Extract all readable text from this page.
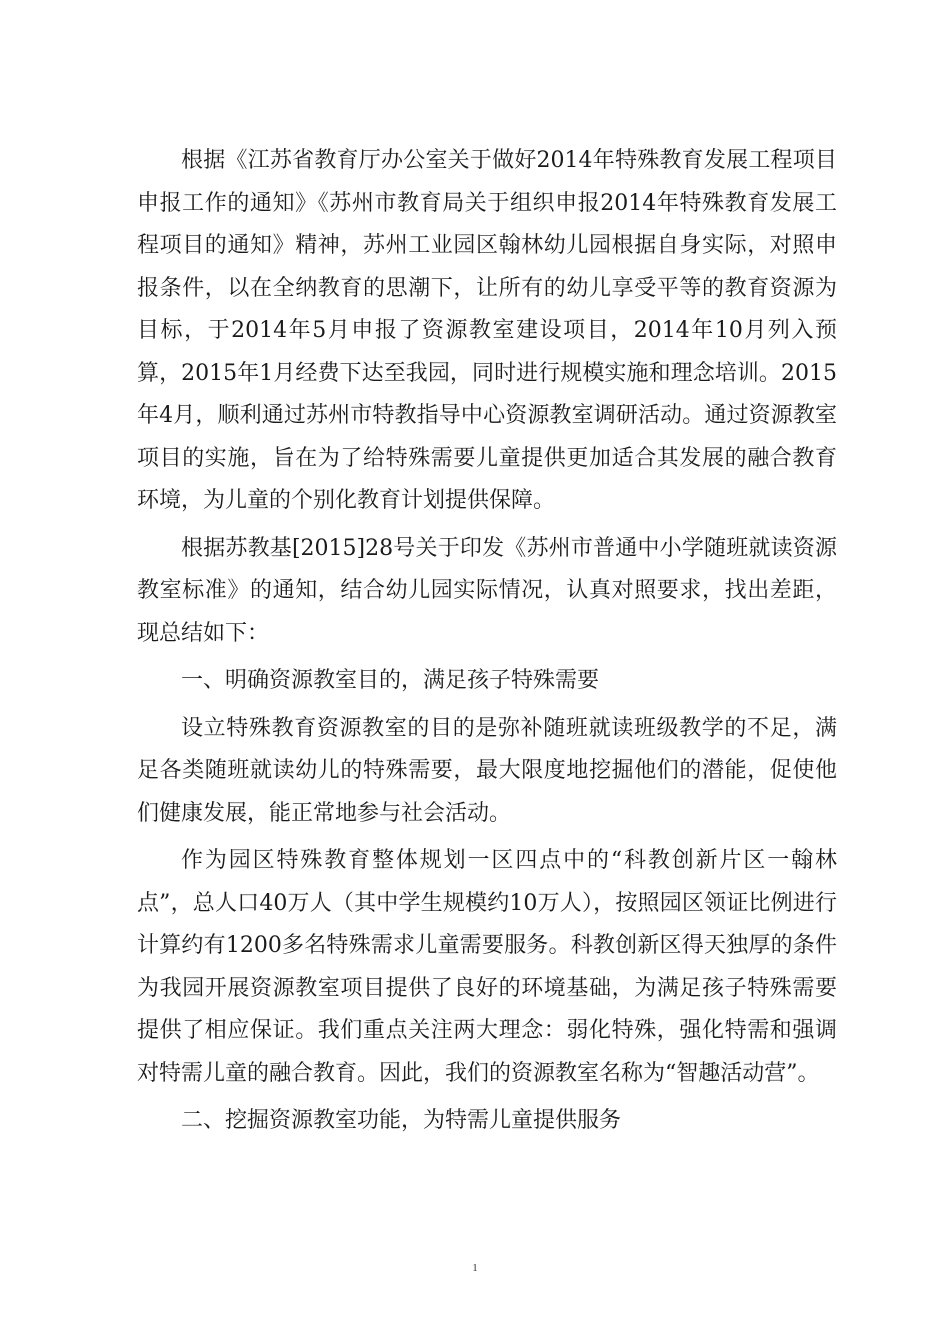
根据《江苏省教育厅办公室关于做好2014年特殊教育发展工程项目申报工作的通知》《苏州市教育局关于组织申报2014年特殊教育发展工程项目的通知》精神，苏州工业园区翰林幼儿园根据自身实际，对照申报条件，以在全纳教育的思潮下，让所有的幼儿享受平等的教育资源为目标，于2014年5月申报了资源教室建设项目，2014年10月列入预算，2015年1月经费下达至我园，同时进行规模实施和理念培训。2015年4月，顺利通过苏州市特教指导中心资源教室调研活动。通过资源教室项目的实施，旨在为了给特殊需要儿童提供更加适合其发展的融合教育环境，为儿童的个别化教育计划提供保障。

根据苏教基[2015]28号关于印发《苏州市普通中小学随班就读资源教室标准》的通知，结合幼儿园实际情况，认真对照要求，找出差距，现总结如下：

一、明确资源教室目的，满足孩子特殊需要

设立特殊教育资源教室的目的是弥补随班就读班级教学的不足，满足各类随班就读幼儿的特殊需要，最大限度地挖掘他们的潜能，促使他们健康发展，能正常地参与社会活动。

作为园区特殊教育整体规划一区四点中的“科教创新片区一翰林点”，总人口40万人（其中学生规模约10万人），按照园区领证比例进行计算约有1200多名特殊需求儿童需要服务。科教创新区得天独厚的条件为我园开展资源教室项目提供了良好的环境基础，为满足孩子特殊需要提供了相应保证。我们重点关注两大理念：弱化特殊，强化特需和强调对特需儿童的融合教育。因此，我们的资源教室名称为“智趣活动营”。

二、挖掘资源教室功能，为特需儿童提供服务

1
